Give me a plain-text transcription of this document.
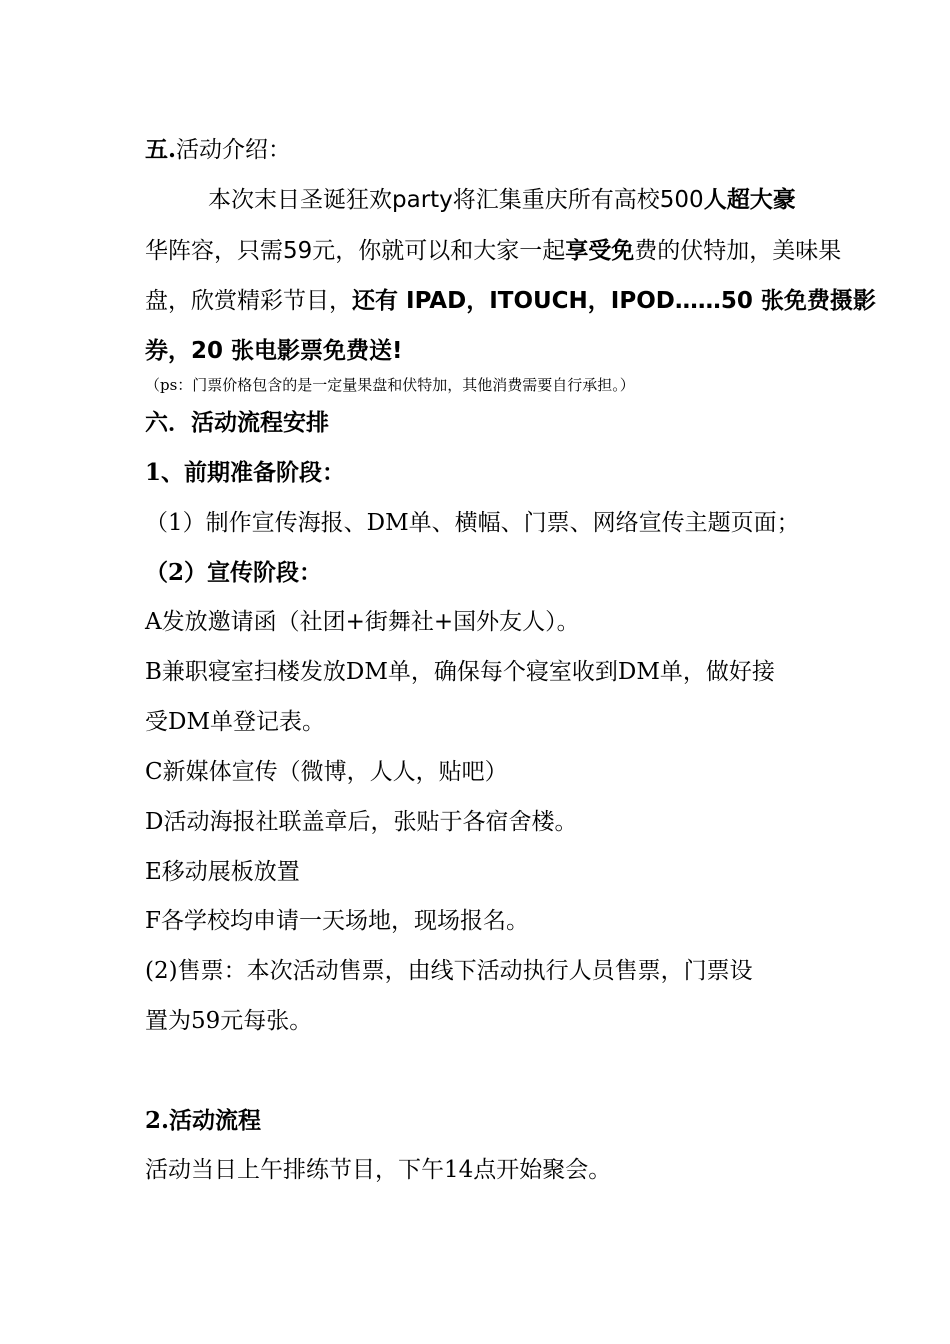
五.活动介绍：
本次末日圣诞狂欢party将汇集重庆所有高校500人超大豪
华阵容，只需59元，你就可以和大家一起享受免费的伏特加，美味果
盘，欣赏精彩节目，还有 IPAD，ITOUCH，IPOD……50 张免费摄影
券，20 张电影票免费送!
（ps：门票价格包含的是一定量果盘和伏特加，其他消费需要自行承担。）
六．活动流程安排
1、前期准备阶段：
（1）制作宣传海报、DM单、横幅、门票、网络宣传主题页面；
（2）宣传阶段：
A发放邀请函（社团+街舞社+国外友人）。
B兼职寝室扫楼发放DM单，确保每个寝室收到DM单，做好接
受DM单登记表。
C新媒体宣传（微博，人人，贴吧）
D活动海报社联盖章后，张贴于各宿舍楼。
E移动展板放置
F各学校均申请一天场地，现场报名。
(2)售票：本次活动售票，由线下活动执行人员售票，门票设
置为59元每张。
2.活动流程
活动当日上午排练节目，下午14点开始聚会。
